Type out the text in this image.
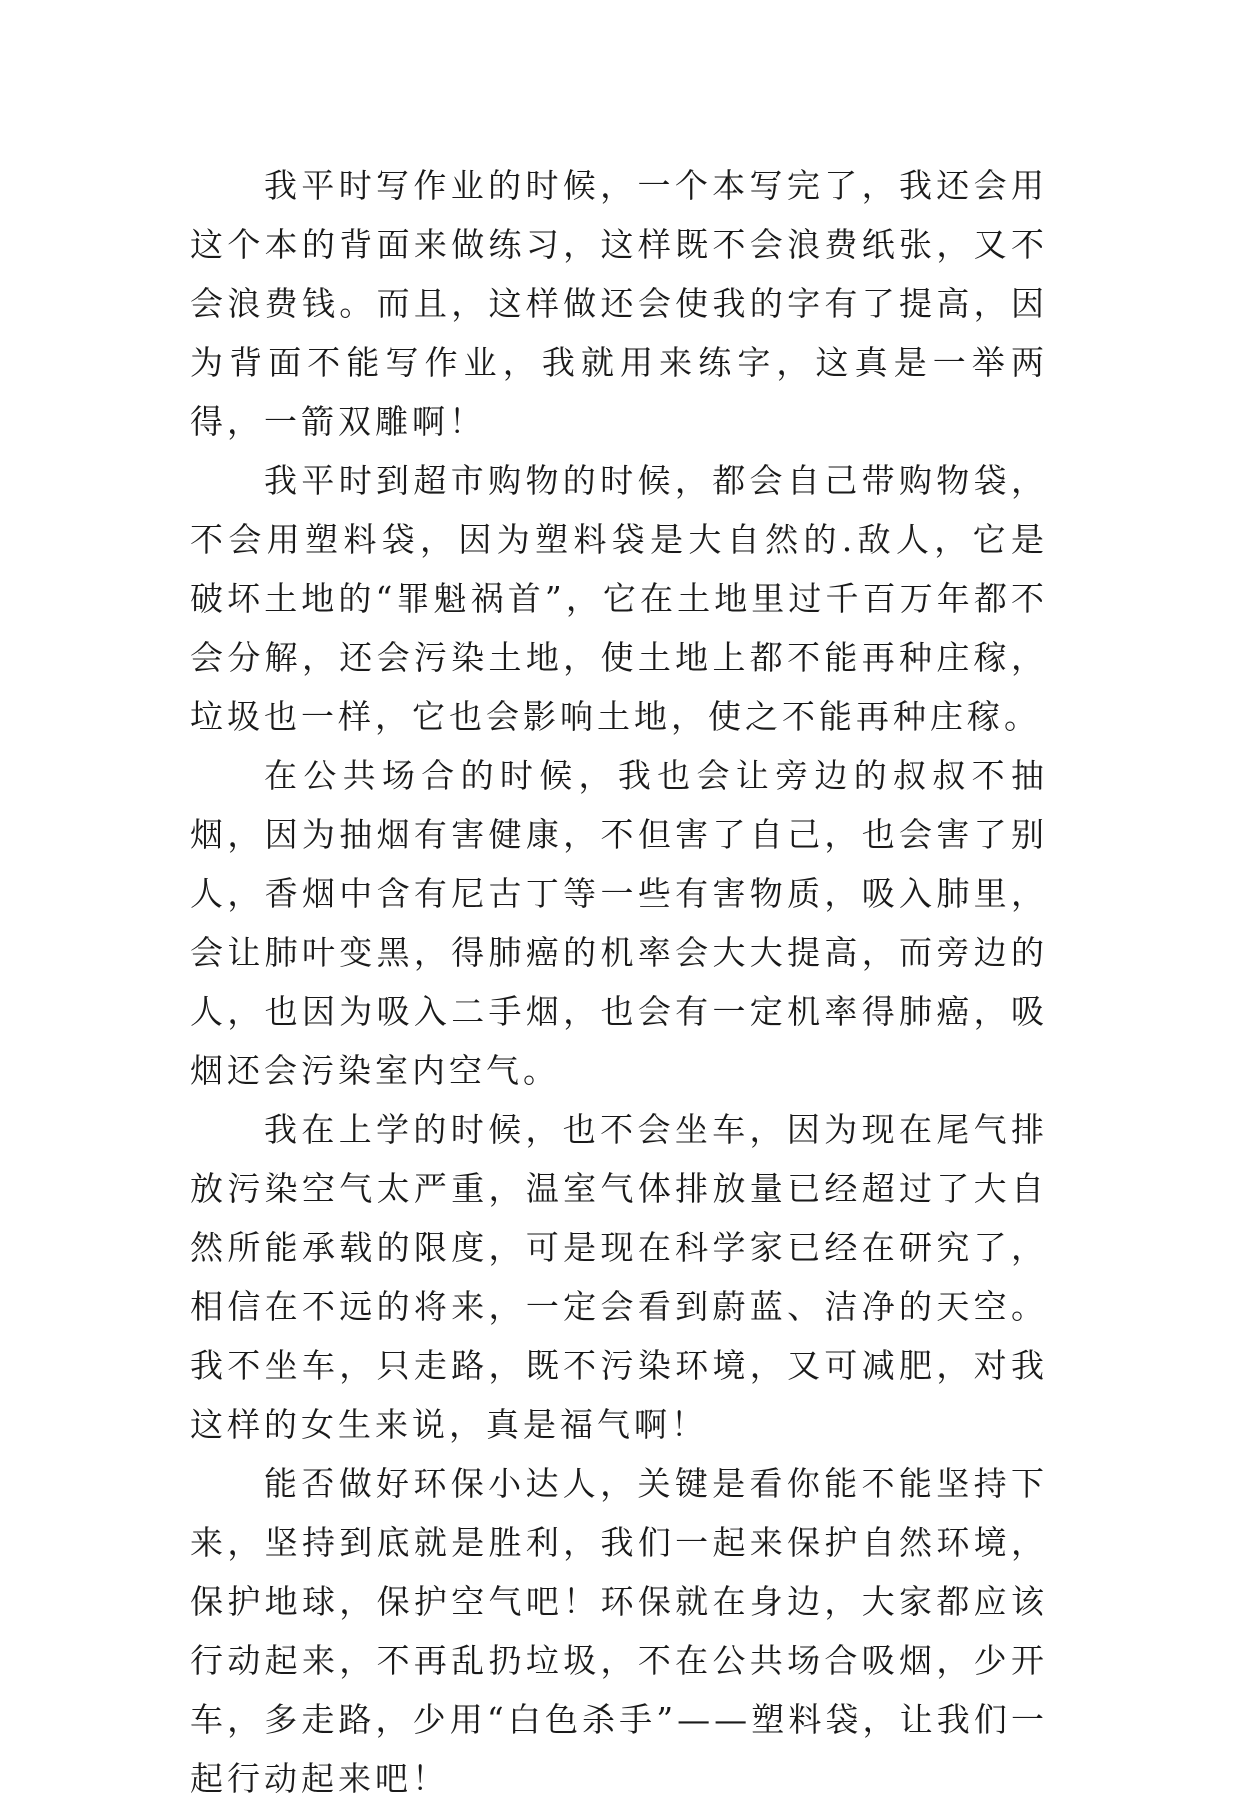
我平时写作业的时候，一个本写完了，我还会用这个本的背面来做练习，这样既不会浪费纸张，又不会浪费钱。而且，这样做还会使我的字有了提高，因为背面不能写作业，我就用来练字，这真是一举两得，一箭双雕啊！

我平时到超市购物的时候，都会自己带购物袋，不会用塑料袋，因为塑料袋是大自然的.敌人，它是破坏土地的“罪魁祸首”，它在土地里过千百万年都不会分解，还会污染土地，使土地上都不能再种庄稼，垃圾也一样，它也会影响土地，使之不能再种庄稼。

在公共场合的时候，我也会让旁边的叔叔不抽烟，因为抽烟有害健康，不但害了自己，也会害了别人，香烟中含有尼古丁等一些有害物质，吸入肺里，会让肺叶变黑，得肺癌的机率会大大提高，而旁边的人，也因为吸入二手烟，也会有一定机率得肺癌，吸烟还会污染室内空气。

我在上学的时候，也不会坐车，因为现在尾气排放污染空气太严重，温室气体排放量已经超过了大自然所能承载的限度，可是现在科学家已经在研究了，相信在不远的将来，一定会看到蔚蓝、洁净的天空。我不坐车，只走路，既不污染环境，又可减肥，对我这样的女生来说，真是福气啊！

能否做好环保小达人，关键是看你能不能坚持下来，坚持到底就是胜利，我们一起来保护自然环境，保护地球，保护空气吧！环保就在身边，大家都应该行动起来，不再乱扔垃圾，不在公共场合吸烟，少开车，多走路，少用“白色杀手”——塑料袋，让我们一起行动起来吧！
